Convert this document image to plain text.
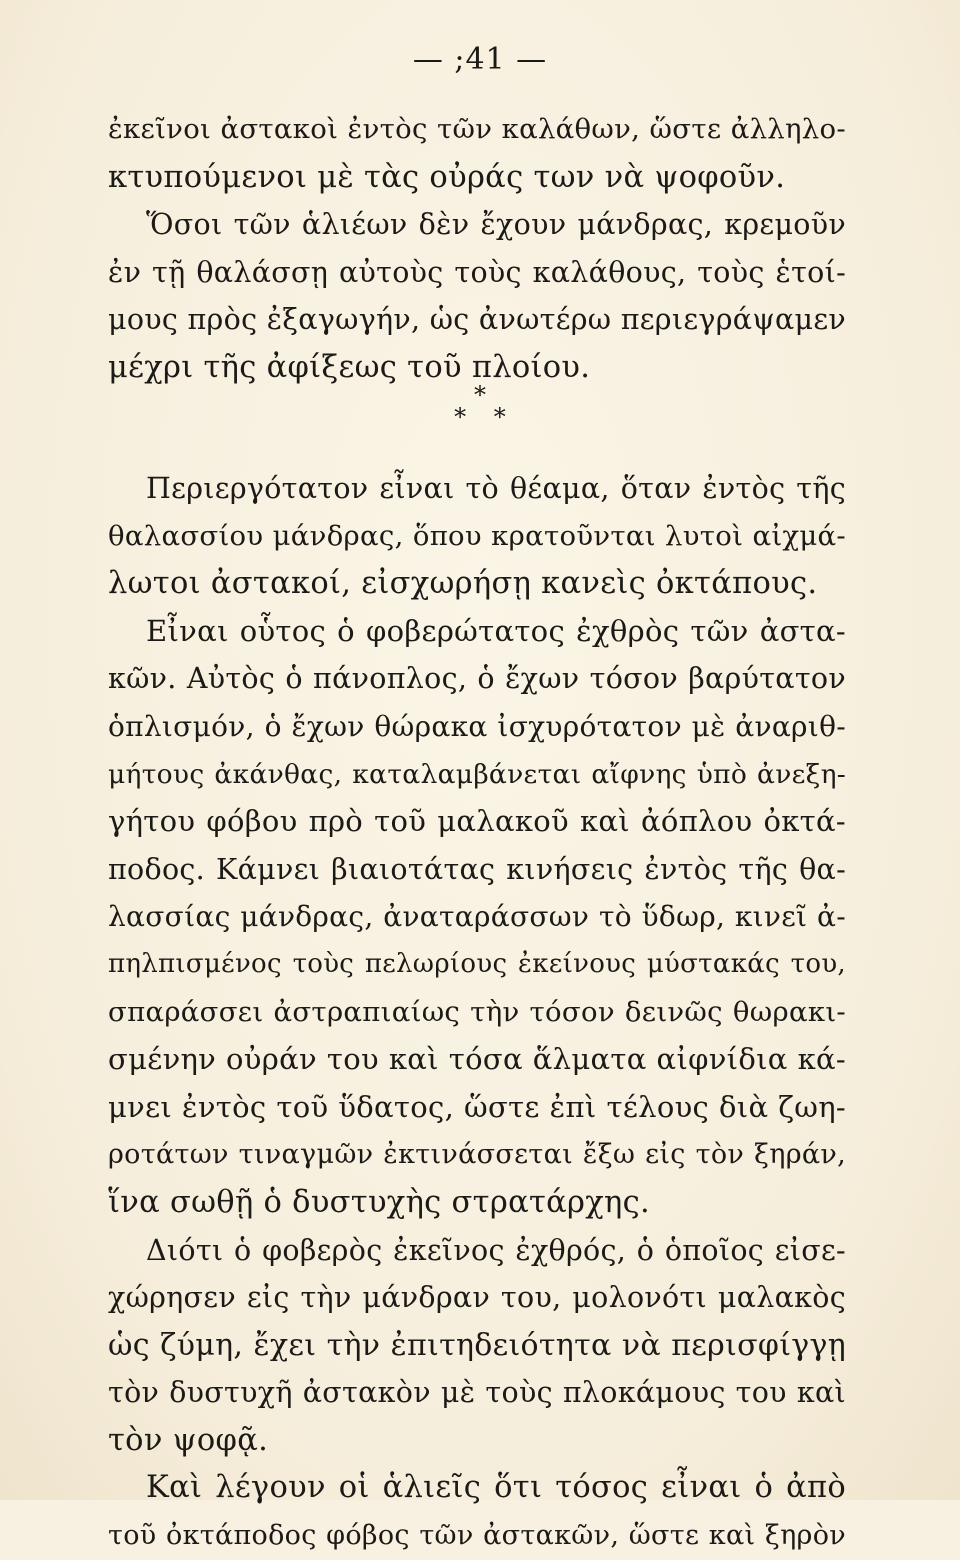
— ;41 —
ἐκεῖνοι ἀστακοὶ ἐντὸς τῶν καλάθων, ὥστε ἀλληλο-
κτυπούμενοι μὲ τὰς οὐράς των νὰ ψοφοῦν.
Ὅσοι τῶν ἁλιέων δὲν ἔχουν μάνδρας, κρεμοῦν
ἐν τῇ θαλάσσῃ αὐτοὺς τοὺς καλάθους, τοὺς ἑτοί-
μους πρὸς ἐξαγωγήν, ὡς ἀνωτέρω περιεγράψαμεν
μέχρι τῆς ἀφίξεως τοῦ πλοίου.
*
* *
Περιεργότατον εἶναι τὸ θέαμα, ὅταν ἐντὸς τῆς
θαλασσίου μάνδρας, ὅπου κρατοῦνται λυτοὶ αἰχμά-
λωτοι ἀστακοί, εἰσχωρήσῃ κανεὶς ὀκτάπους.
Εἶναι οὗτος ὁ φοβερώτατος ἐχθρὸς τῶν ἀστα-
κῶν. Αὐτὸς ὁ πάνοπλος, ὁ ἔχων τόσον βαρύτατον
ὁπλισμόν, ὁ ἔχων θώρακα ἰσχυρότατον μὲ ἀναριθ-
μήτους ἀκάνθας, καταλαμβάνεται αἴφνης ὑπὸ ἀνεξη-
γήτου φόβου πρὸ τοῦ μαλακοῦ καὶ ἀόπλου ὀκτά-
ποδος. Κάμνει βιαιοτάτας κινήσεις ἐντὸς τῆς θα-
λασσίας μάνδρας, ἀναταράσσων τὸ ὕδωρ, κινεῖ ἀ-
πηλπισμένος τοὺς πελωρίους ἐκείνους μύστακάς του,
σπαράσσει ἀστραπιαίως τὴν τόσον δεινῶς θωρακι-
σμένην οὐράν του καὶ τόσα ἅλματα αἰφνίδια κά-
μνει ἐντὸς τοῦ ὕδατος, ὥστε ἐπὶ τέλους διὰ ζωη-
ροτάτων τιναγμῶν ἐκτινάσσεται ἔξω εἰς τὸν ξηράν,
ἵνα σωθῇ ὁ δυστυχὴς στρατάρχης.
Διότι ὁ φοβερὸς ἐκεῖνος ἐχθρός, ὁ ὁποῖος εἰσε-
χώρησεν εἰς τὴν μάνδραν του, μολονότι μαλακὸς
ὡς ζύμη, ἔχει τὴν ἐπιτηδειότητα νὰ περισφίγγῃ
τὸν δυστυχῆ ἀστακὸν μὲ τοὺς πλοκάμους του καὶ
τὸν ψοφᾷ.
Καὶ λέγουν οἱ ἁλιεῖς ὅτι τόσος εἶναι ὁ ἀπὸ
τοῦ ὀκτάποδος φόβος τῶν ἀστακῶν, ὥστε καὶ ξηρὸν
